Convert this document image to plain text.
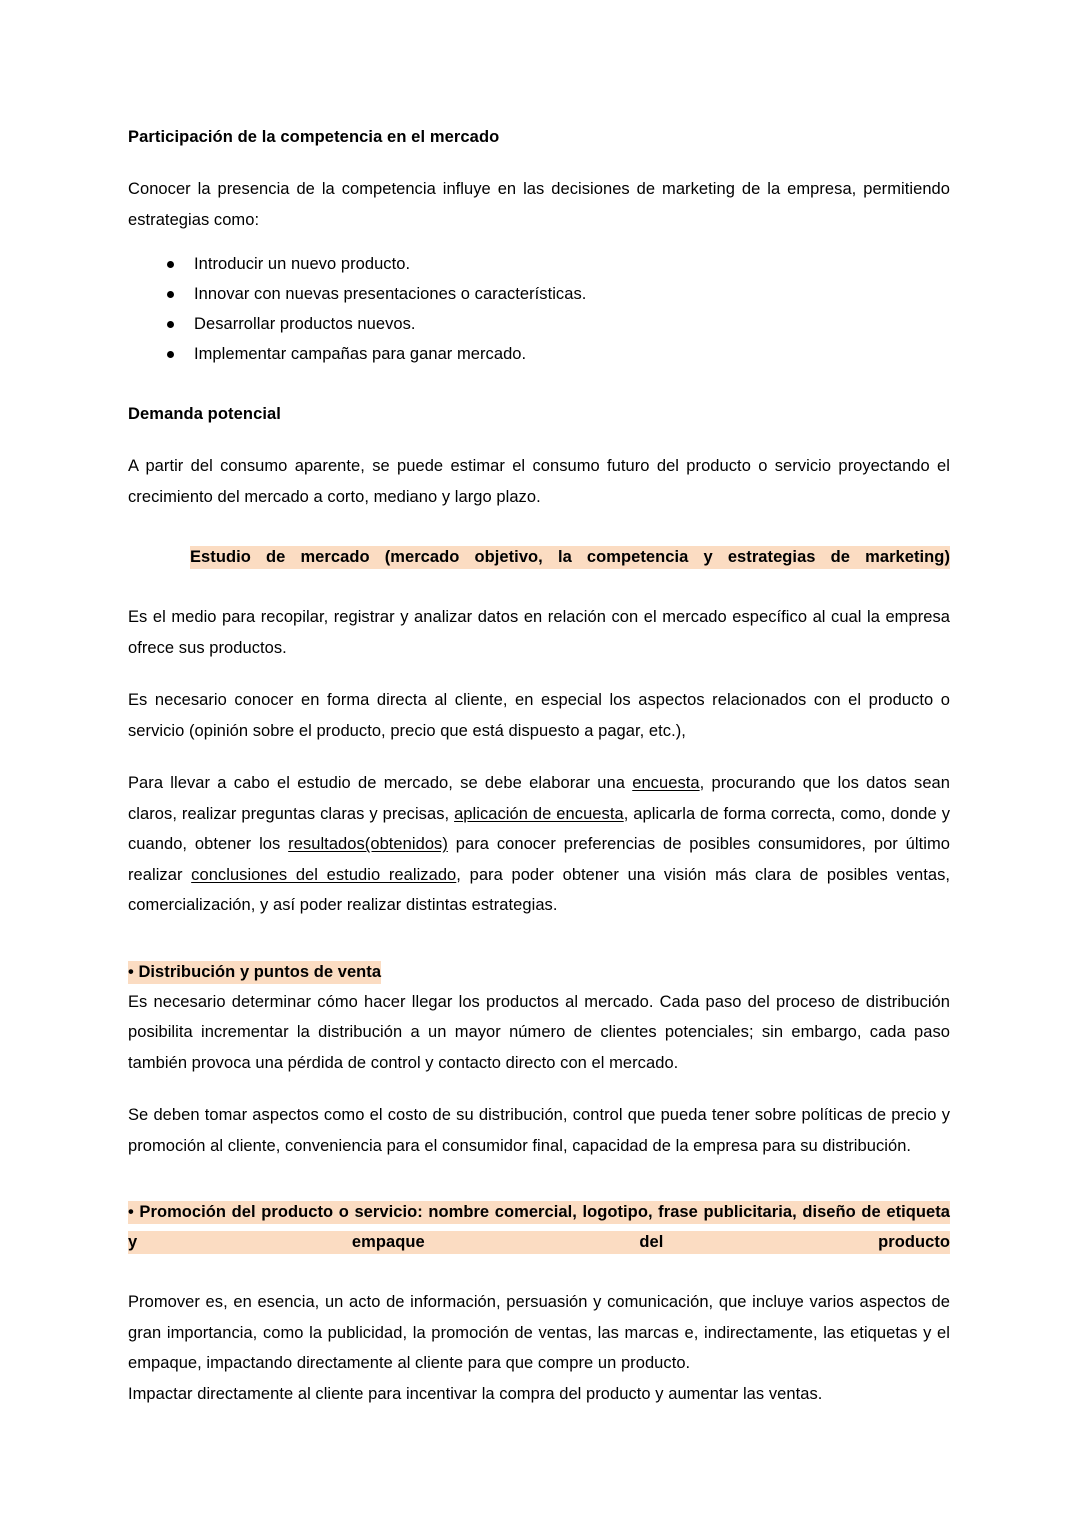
Participación de la competencia en el mercado
Conocer la presencia de la competencia influye en las decisiones de marketing de la empresa, permitiendo estrategias como:
Introducir un nuevo producto.
Innovar con nuevas presentaciones o características.
Desarrollar productos nuevos.
Implementar campañas para ganar mercado.
Demanda potencial
A partir del consumo aparente, se puede estimar el consumo futuro del producto o servicio proyectando el crecimiento del mercado a corto, mediano y largo plazo.
Estudio de mercado (mercado objetivo, la competencia y estrategias de marketing)
Es el medio para recopilar, registrar y analizar datos en relación con el mercado específico al cual la empresa ofrece sus productos.
Es necesario conocer en forma directa al cliente, en especial los aspectos relacionados con el producto o servicio (opinión sobre el producto, precio que está dispuesto a pagar, etc.),
Para llevar a cabo el estudio de mercado, se debe elaborar una encuesta, procurando que los datos sean claros, realizar preguntas claras y precisas, aplicación de encuesta, aplicarla de forma correcta, como, donde y cuando, obtener los resultados(obtenidos) para conocer preferencias de posibles consumidores, por último realizar conclusiones del estudio realizado, para poder obtener una visión más clara de posibles ventas, comercialización, y así poder realizar distintas estrategias.
• Distribución y puntos de venta
Es necesario determinar cómo hacer llegar los productos al mercado. Cada paso del proceso de distribución posibilita incrementar la distribución a un mayor número de clientes potenciales; sin embargo, cada paso también provoca una pérdida de control y contacto directo con el mercado.
Se deben tomar aspectos como el costo de su distribución, control que pueda tener sobre políticas de precio y promoción al cliente, conveniencia para el consumidor final, capacidad de la empresa para su distribución.
• Promoción del producto o servicio: nombre comercial, logotipo, frase publicitaria, diseño de etiqueta y empaque del producto
Promover es, en esencia, un acto de información, persuasión y comunicación, que incluye varios aspectos de gran importancia, como la publicidad, la promoción de ventas, las marcas e, indirectamente, las etiquetas y el empaque, impactando directamente al cliente para que compre un producto.
Impactar directamente al cliente para incentivar la compra del producto y aumentar las ventas.
